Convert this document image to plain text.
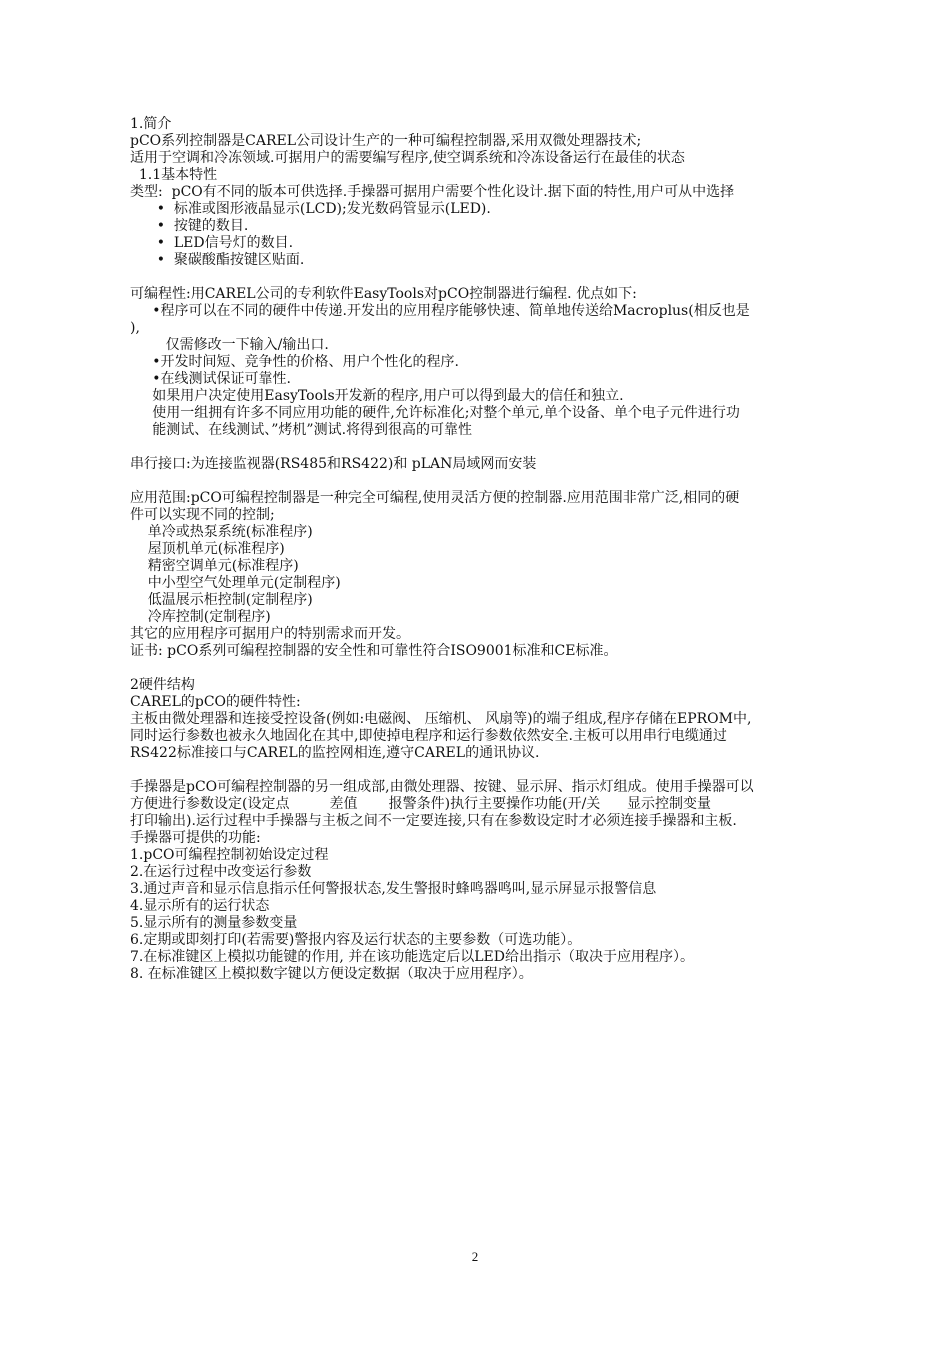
1.简介
pCO系列控制器是CAREL公司设计生产的一种可编程控制器,采用双微处理器技术;
适用于空调和冷冻领域.可据用户的需要编写程序,使空调系统和冷冻设备运行在最佳的状态
1.1基本特性
类型:  pCO有不同的版本可供选择.手操器可据用户需要个性化设计.据下面的特性,用户可从中选择
•  标准或图形液晶显示(LCD);发光数码管显示(LED).
•  按键的数目.
•  LED信号灯的数目.
•  聚碳酸酯按键区贴面.
可编程性:用CAREL公司的专利软件EasyTools对pCO控制器进行编程. 优点如下:
•程序可以在不同的硬件中传递.开发出的应用程序能够快速、简单地传送给Macroplus(相反也是
),
仅需修改一下输入/输出口.
•开发时间短、竞争性的价格、用户个性化的程序.
•在线测试保证可靠性.
如果用户决定使用EasyTools开发新的程序,用户可以得到最大的信任和独立.
使用一组拥有许多不同应用功能的硬件,允许标准化;对整个单元,单个设备、单个电子元件进行功
能测试、在线测试、”烤机”测试.将得到很高的可靠性
串行接口:为连接监视器(RS485和RS422)和 pLAN局域网而安装
应用范围:pCO可编程控制器是一种完全可编程,使用灵活方便的控制器.应用范围非常广泛,相同的硬
件可以实现不同的控制;
单冷或热泵系统(标准程序)
屋顶机单元(标准程序)
精密空调单元(标准程序)
中小型空气处理单元(定制程序)
低温展示柜控制(定制程序)
冷库控制(定制程序)
其它的应用程序可据用户的特别需求而开发。
证书: pCO系列可编程控制器的安全性和可靠性符合ISO9001标准和CE标准。
2硬件结构
CAREL的pCO的硬件特性:
主板由微处理器和连接受控设备(例如:电磁阀、 压缩机、 风扇等)的端子组成,程序存储在EPROM中,
同时运行参数也被永久地固化在其中,即使掉电程序和运行参数依然安全.主板可以用串行电缆通过
RS422标准接口与CAREL的监控网相连,遵守CAREL的通讯协议.
手操器是pCO可编程控制器的另一组成部,由微处理器、按键、显示屏、指示灯组成。使用手操器可以
方便进行参数设定(设定点         差值       报警条件)执行主要操作功能(开/关      显示控制变量
打印输出).运行过程中手操器与主板之间不一定要连接,只有在参数设定时才必须连接手操器和主板.
手操器可提供的功能:
1.pCO可编程控制初始设定过程
2.在运行过程中改变运行参数
3.通过声音和显示信息指示任何警报状态,发生警报时蜂鸣器鸣叫,显示屏显示报警信息
4.显示所有的运行状态
5.显示所有的测量参数变量
6.定期或即刻打印(若需要)警报内容及运行状态的主要参数（可选功能）。
7.在标准键区上模拟功能键的作用, 并在该功能选定后以LED给出指示（取决于应用程序）。
8. 在标准键区上模拟数字键以方便设定数据（取决于应用程序）。
2
